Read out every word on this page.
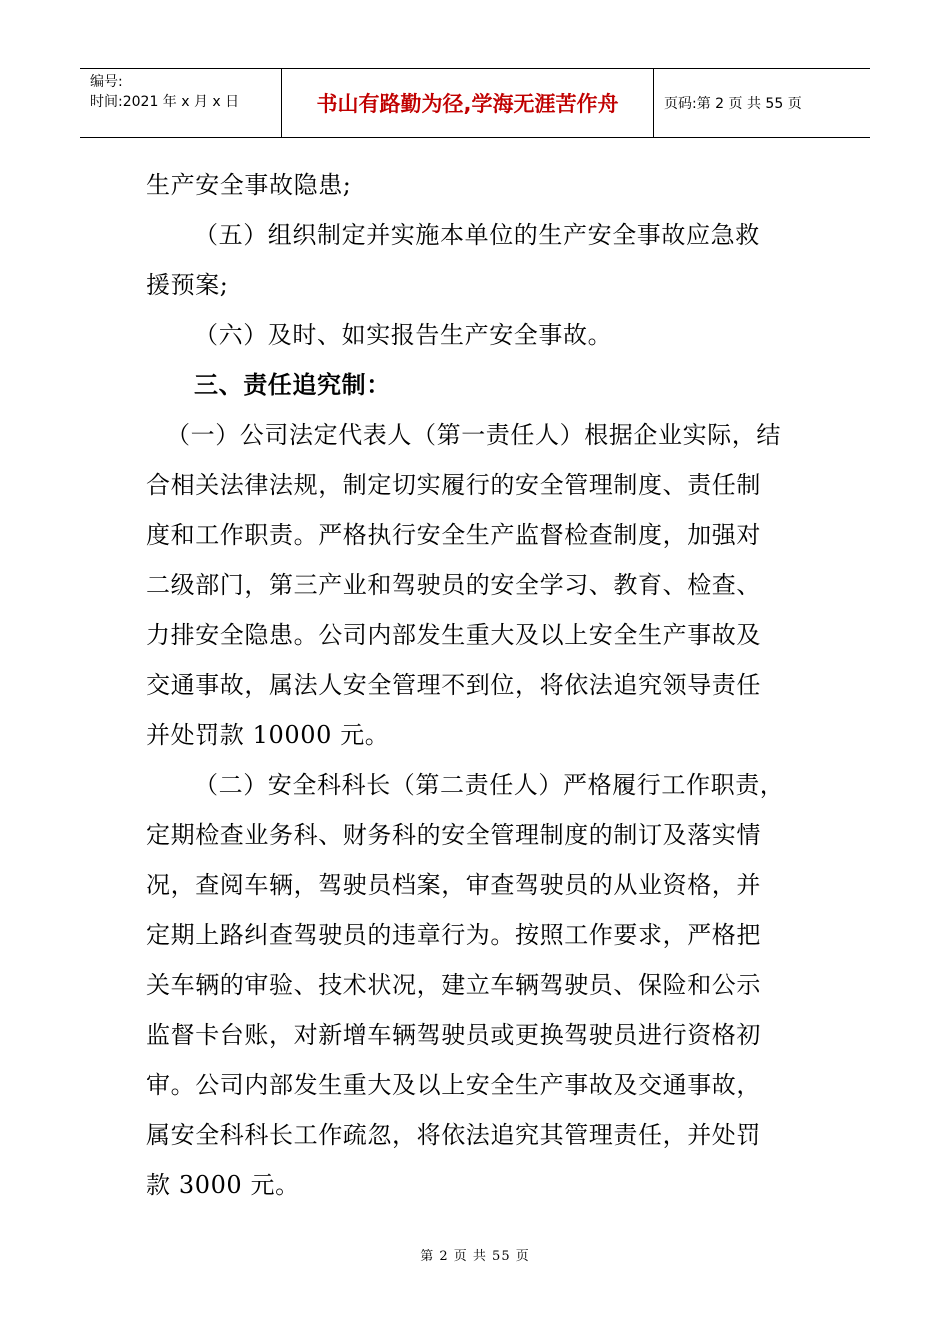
编号:
时间:2021 年 x 月 x 日	书山有路勤为径,学海无涯苦作舟	页码:第 2 页 共 55 页
生产安全事故隐患;
（五）组织制定并实施本单位的生产安全事故应急救
援预案;
（六）及时、如实报告生产安全事故。
三、责任追究制：
（一）公司法定代表人（第一责任人）根据企业实际，结
合相关法律法规，制定切实履行的安全管理制度、责任制
度和工作职责。严格执行安全生产监督检查制度，加强对
二级部门，第三产业和驾驶员的安全学习、教育、检查、
力排安全隐患。公司内部发生重大及以上安全生产事故及
交通事故，属法人安全管理不到位，将依法追究领导责任
并处罚款 10000 元。
（二）安全科科长（第二责任人）严格履行工作职责，
定期检查业务科、财务科的安全管理制度的制订及落实情
况，查阅车辆，驾驶员档案，审查驾驶员的从业资格，并
定期上路纠查驾驶员的违章行为。按照工作要求，严格把
关车辆的审验、技术状况，建立车辆驾驶员、保险和公示
监督卡台账，对新增车辆驾驶员或更换驾驶员进行资格初
审。公司内部发生重大及以上安全生产事故及交通事故，
属安全科科长工作疏忽，将依法追究其管理责任，并处罚
款 3000 元。
第 2 页 共 55 页
